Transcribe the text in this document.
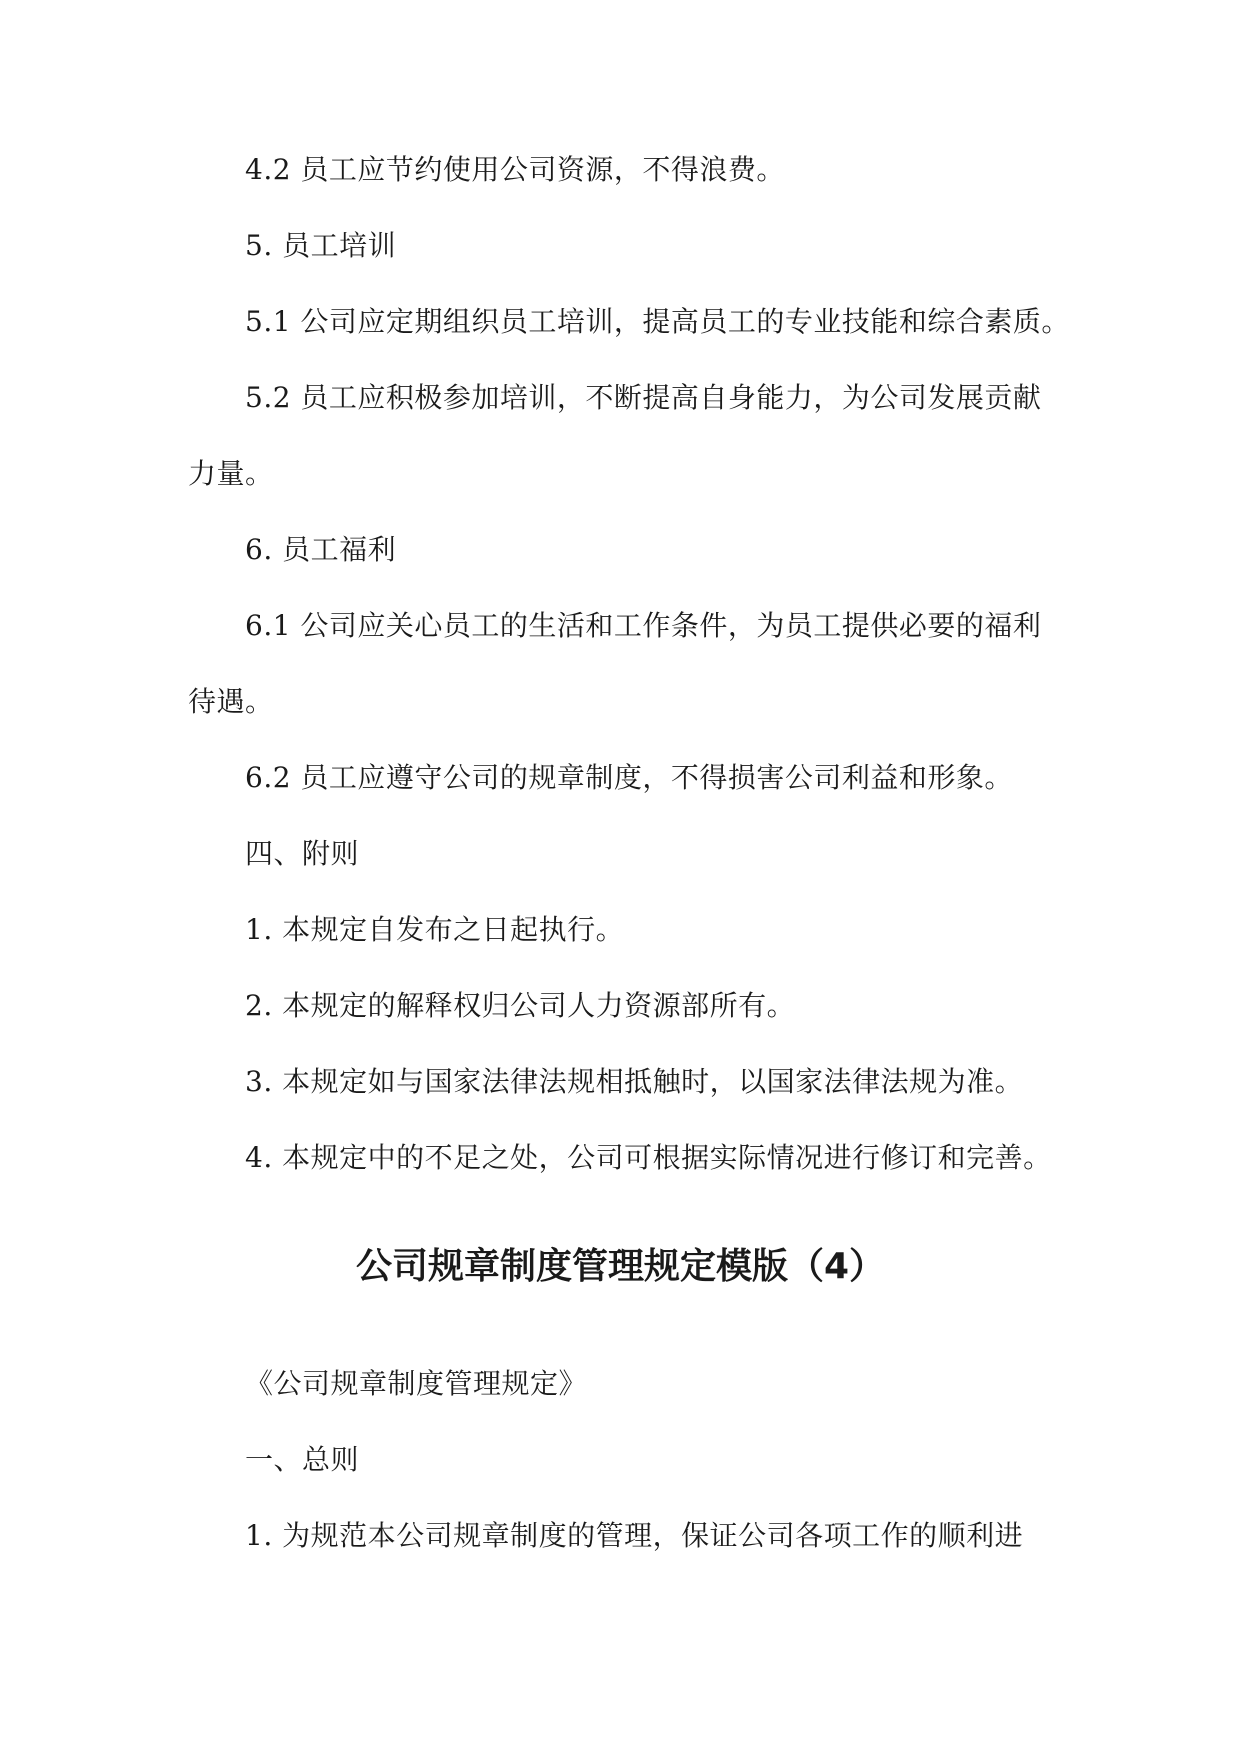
4.2 员工应节约使用公司资源，不得浪费。
5. 员工培训
5.1 公司应定期组织员工培训，提高员工的专业技能和综合素质。
5.2 员工应积极参加培训，不断提高自身能力，为公司发展贡献
力量。
6. 员工福利
6.1 公司应关心员工的生活和工作条件，为员工提供必要的福利
待遇。
6.2 员工应遵守公司的规章制度，不得损害公司利益和形象。
四、附则
1. 本规定自发布之日起执行。
2. 本规定的解释权归公司人力资源部所有。
3. 本规定如与国家法律法规相抵触时，以国家法律法规为准。
4. 本规定中的不足之处，公司可根据实际情况进行修订和完善。
公司规章制度管理规定模版（4）
《公司规章制度管理规定》
一、总则
1. 为规范本公司规章制度的管理，保证公司各项工作的顺利进
